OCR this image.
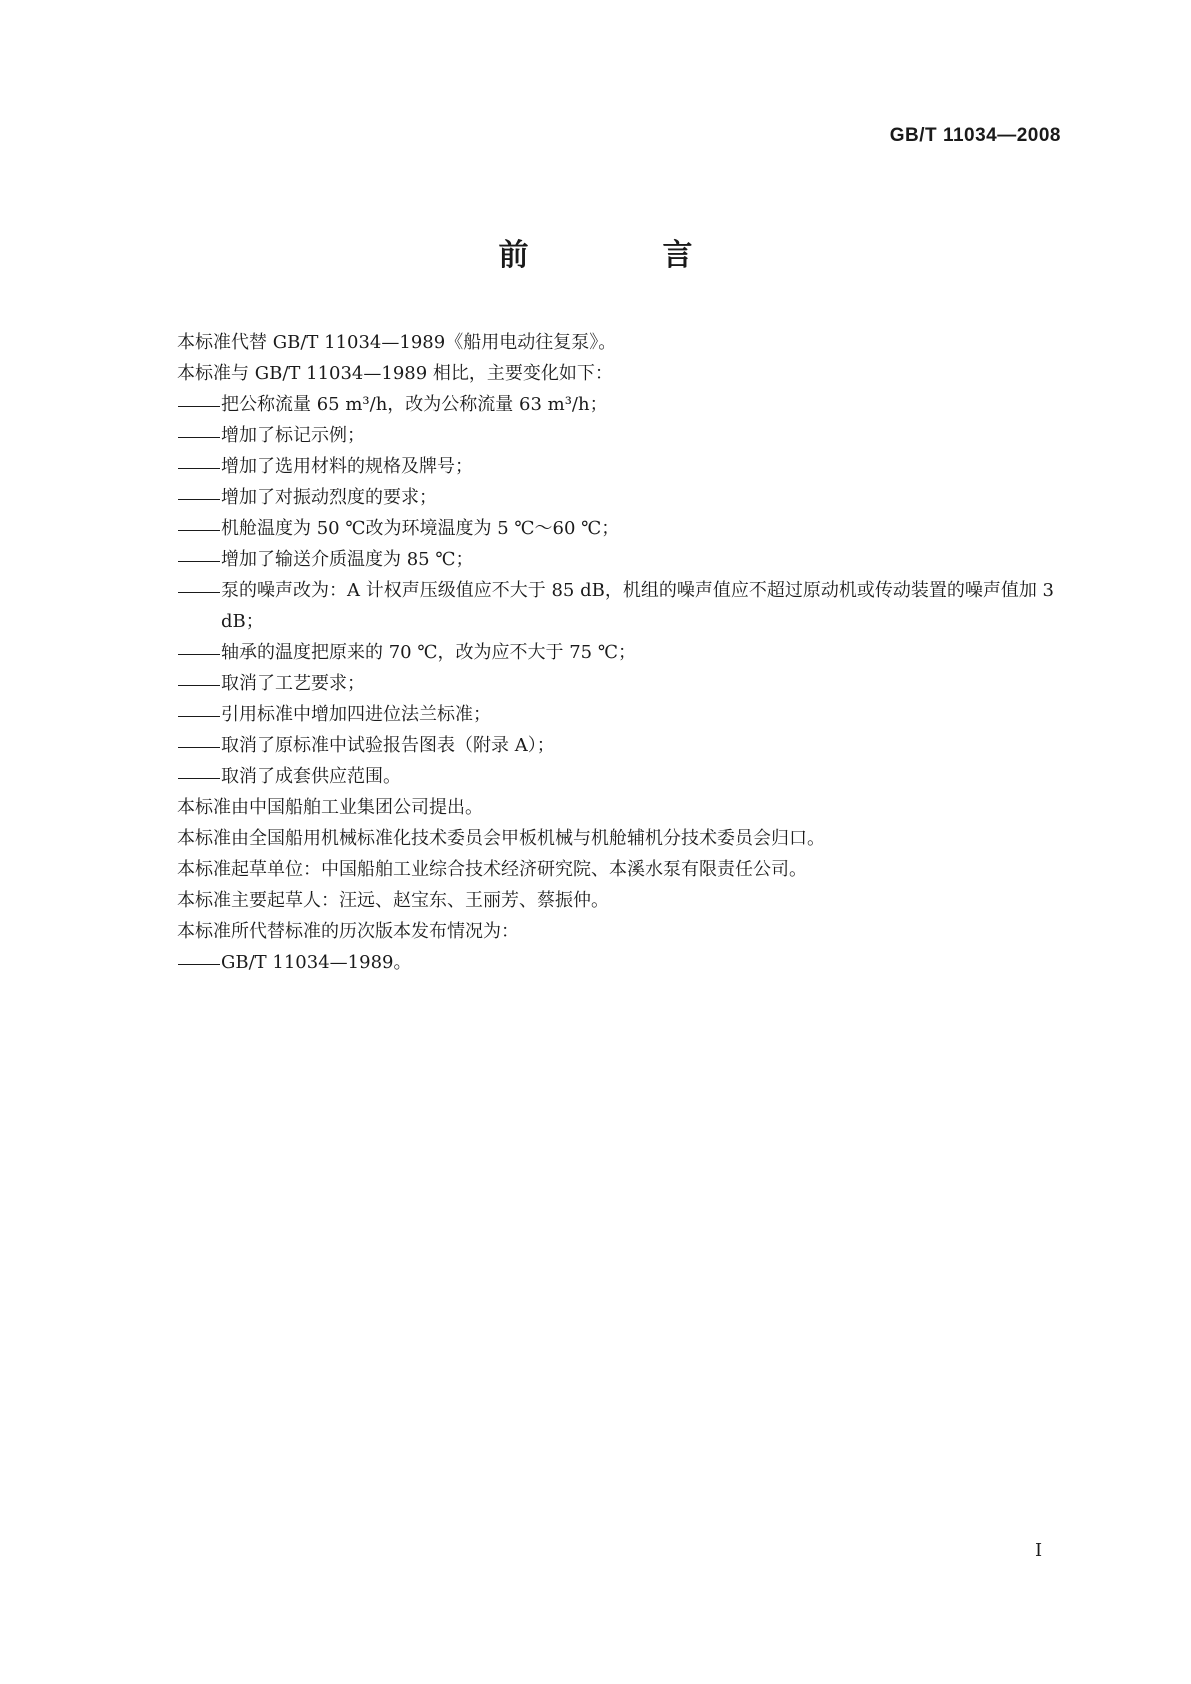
GB/T 11034—2008
前　言
本标准代替 GB/T 11034—1989《船用电动往复泵》。
本标准与 GB/T 11034—1989 相比，主要变化如下：
把公称流量 65 m³/h，改为公称流量 63 m³/h；
增加了标记示例；
增加了选用材料的规格及牌号；
增加了对振动烈度的要求；
机舱温度为 50 ℃改为环境温度为 5 ℃～60 ℃；
增加了输送介质温度为 85 ℃；
泵的噪声改为：A 计权声压级值应不大于 85 dB，机组的噪声值应不超过原动机或传动装置的噪声值加 3 dB；
轴承的温度把原来的 70 ℃，改为应不大于 75 ℃；
取消了工艺要求；
引用标准中增加四进位法兰标准；
取消了原标准中试验报告图表（附录 A）；
取消了成套供应范围。
本标准由中国船舶工业集团公司提出。
本标准由全国船用机械标准化技术委员会甲板机械与机舱辅机分技术委员会归口。
本标准起草单位：中国船舶工业综合技术经济研究院、本溪水泵有限责任公司。
本标准主要起草人：汪远、赵宝东、王丽芳、蔡振仲。
本标准所代替标准的历次版本发布情况为：
GB/T 11034—1989。
I
